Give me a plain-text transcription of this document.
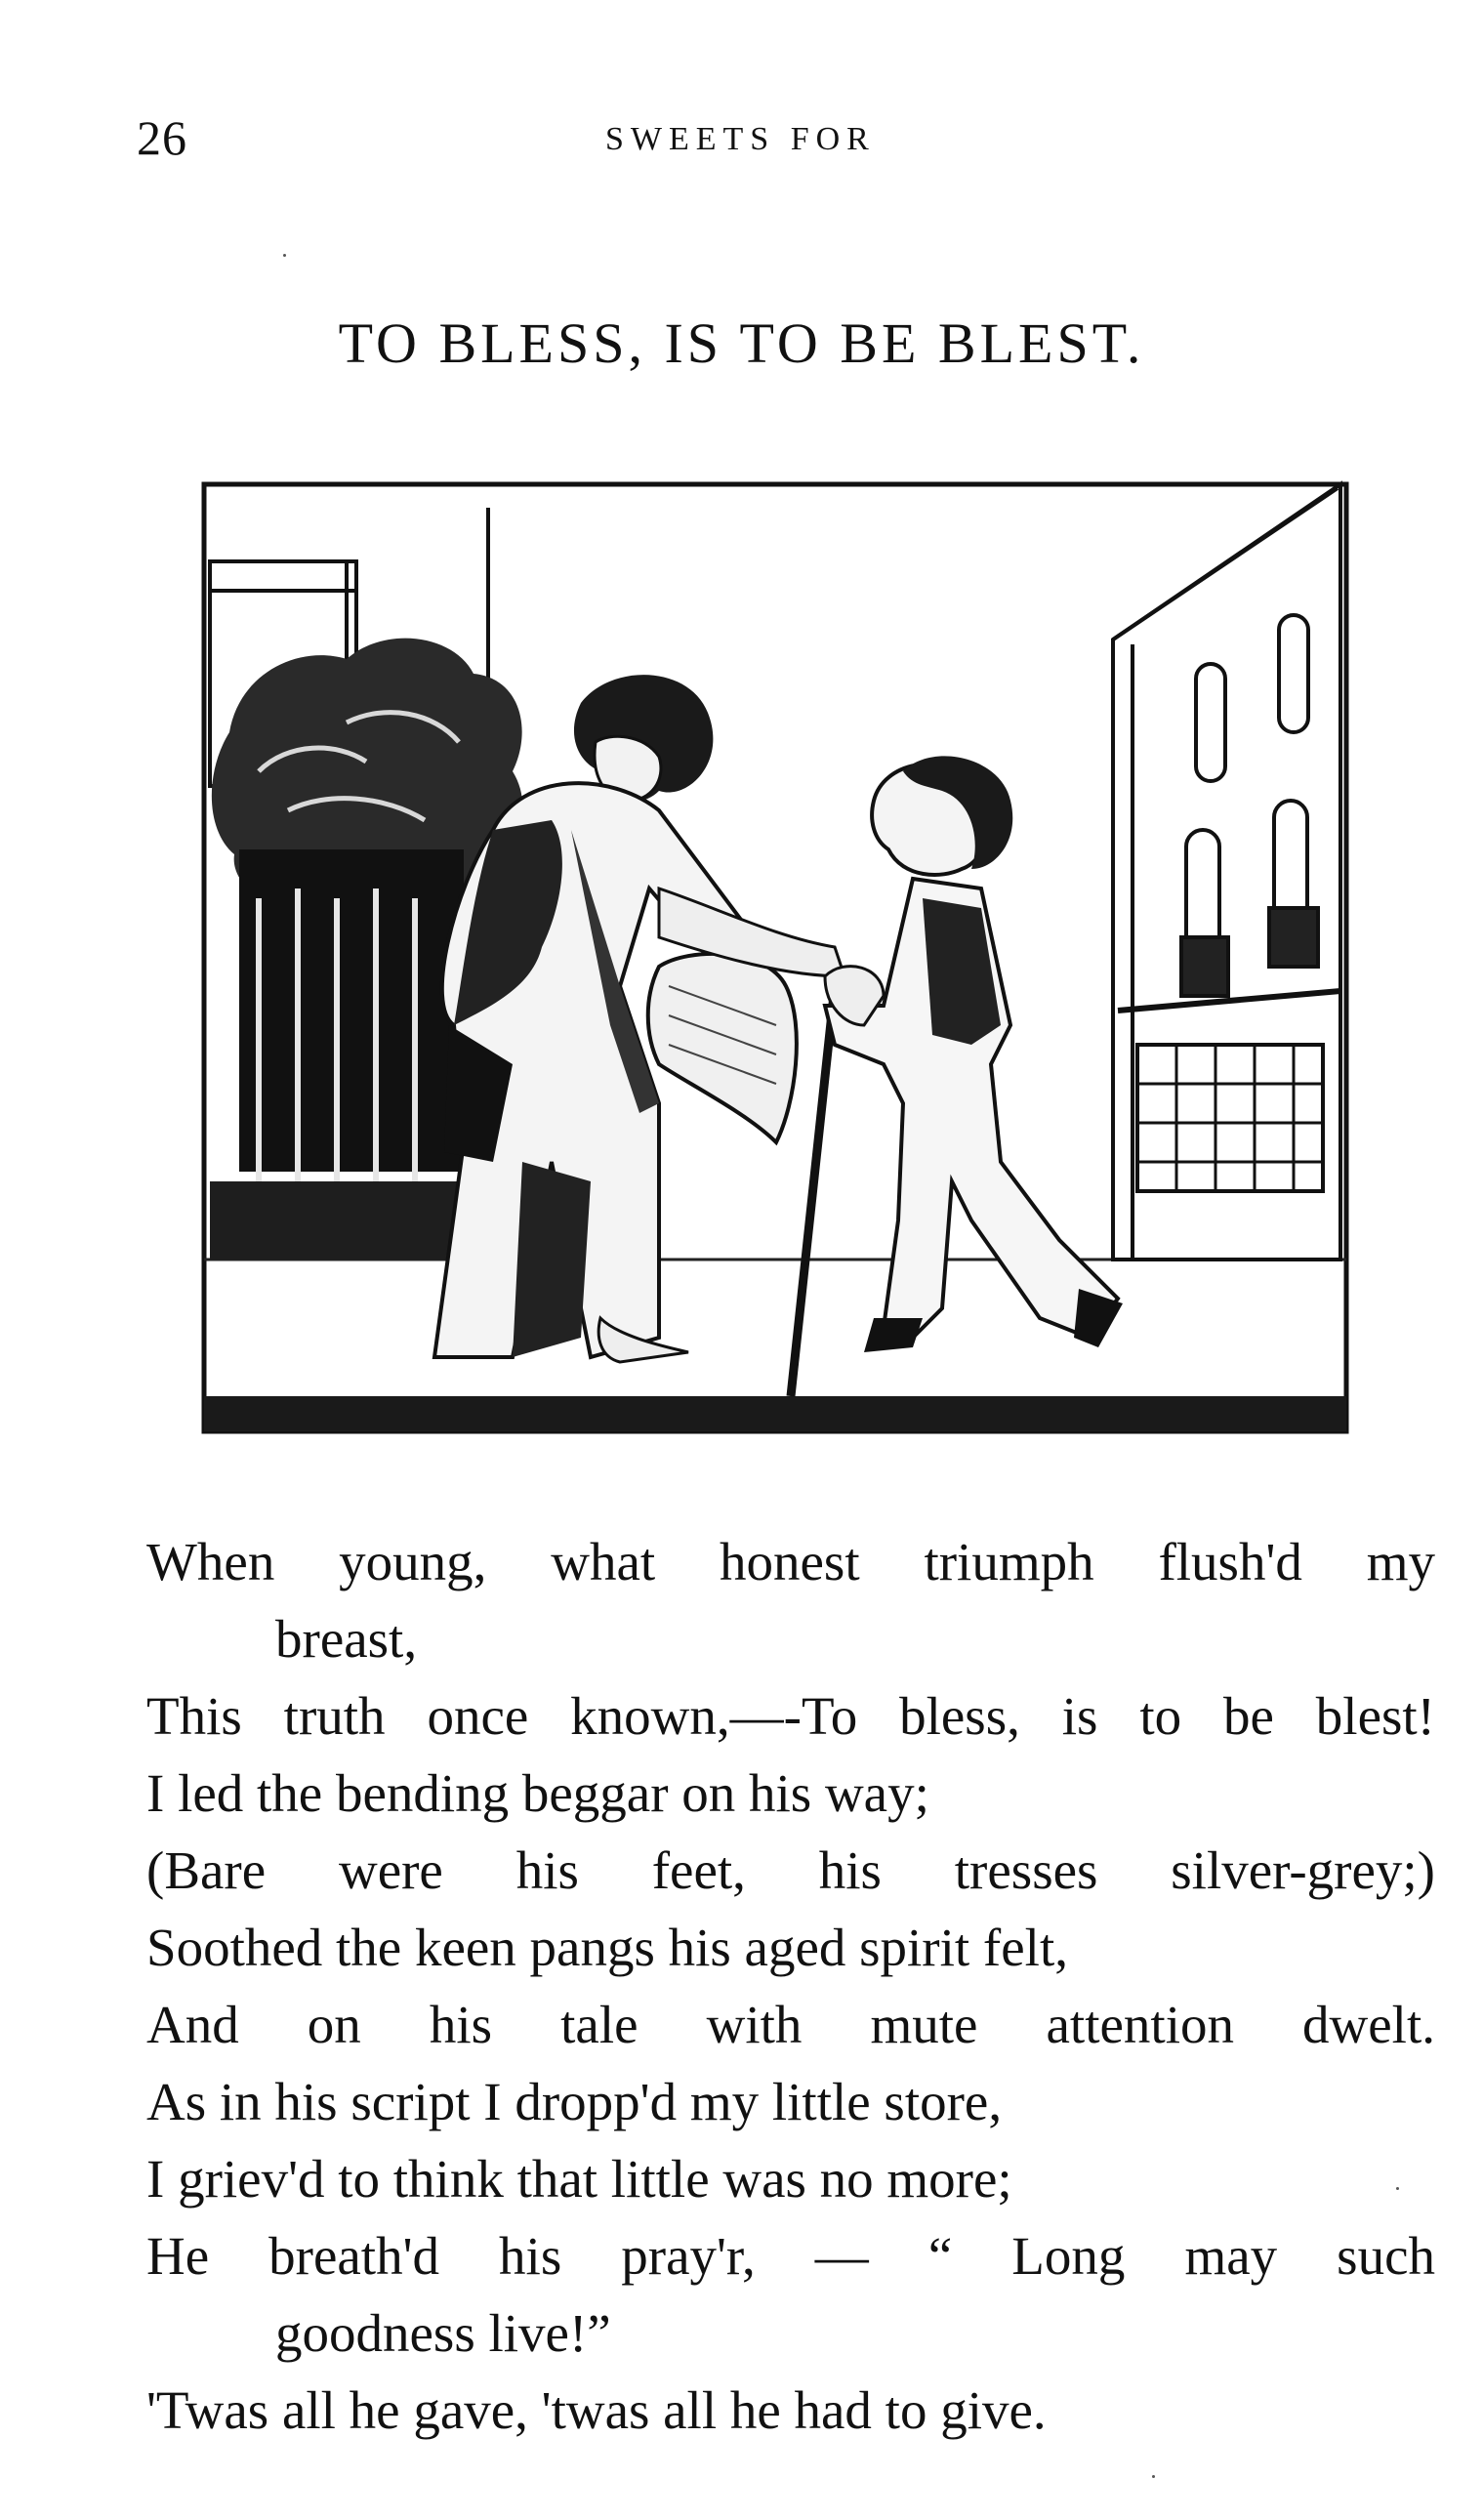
26	SWEETS FOR
TO BLESS, IS TO BE BLEST.
When young, what honest triumph flush'd my
breast,
This truth once known,—-To bless, is to be blest!
I led the bending beggar on his way;
(Bare were his feet, his tresses silver-grey;)
Soothed the keen pangs his aged spirit felt,
And on his tale with mute attention dwelt.
As in his script I dropp'd my little store,
I griev'd to think that little was no more;
He breath'd his pray'r, — “ Long may such
goodness live!”
'Twas all he gave, 'twas all he had to give.
